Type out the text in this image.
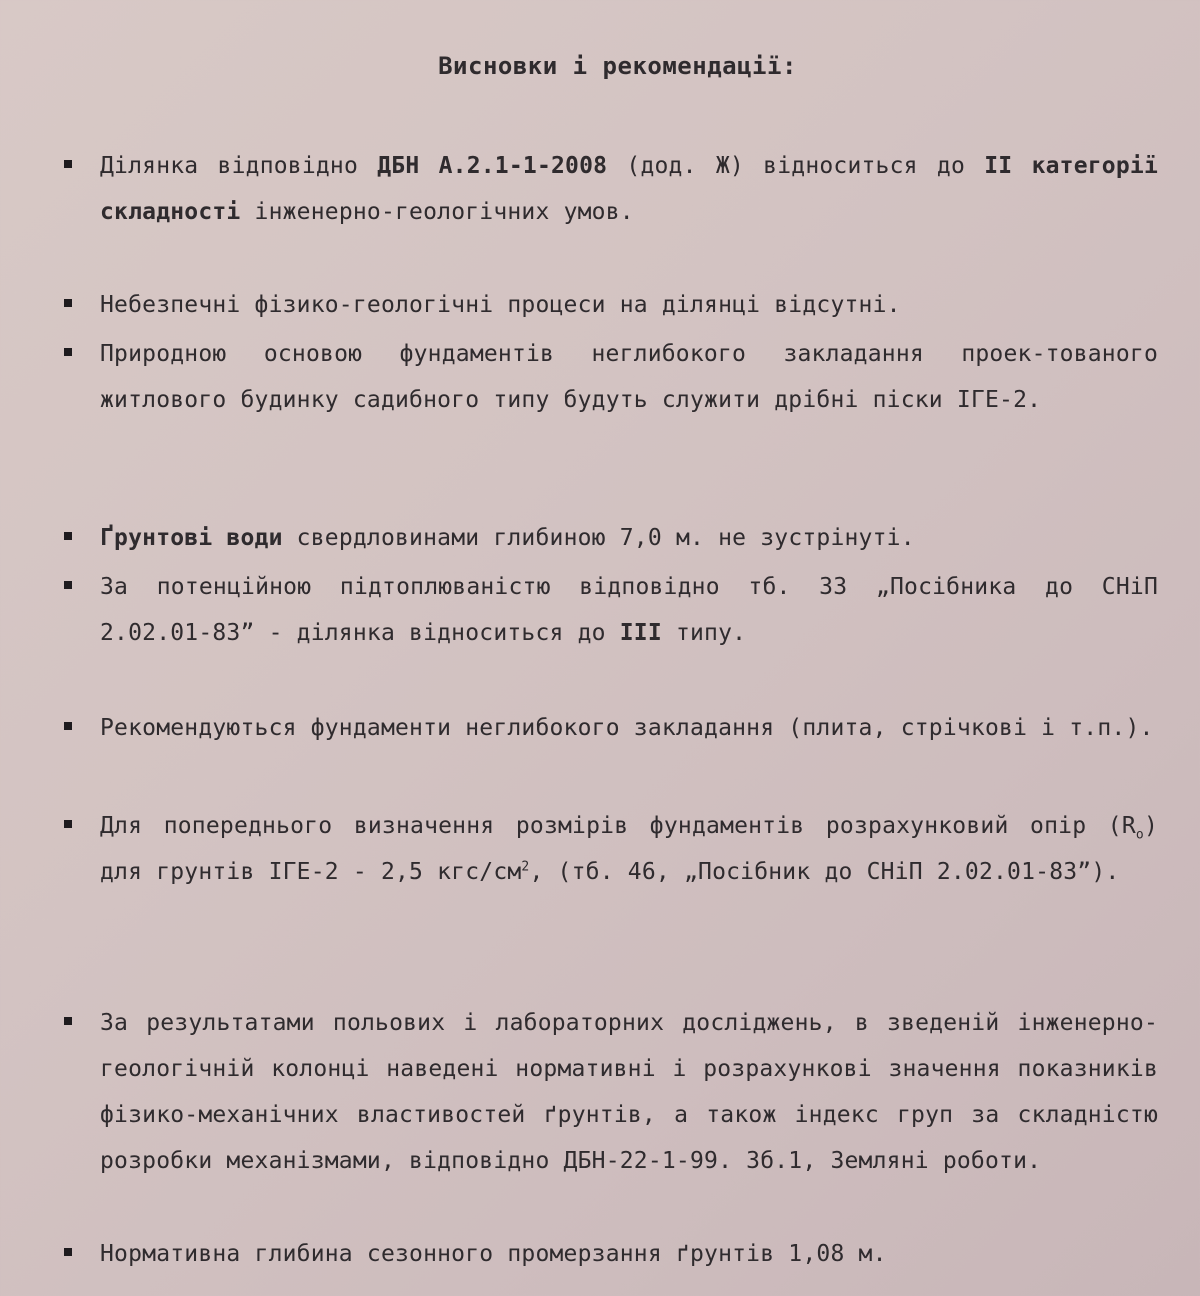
Висновки і рекомендації:
Ділянка відповідно ДБН А.2.1-1-2008 (дод. Ж) відноситься до ІІ категорії складності інженерно-геологічних умов.
Небезпечні фізико-геологічні процеси на ділянці відсутні.
Природною основою фундаментів неглибокого закладання проек-тованого житлового будинку садибного типу будуть служити дрібні піски ІГЕ-2.
Ґрунтові води свердловинами глибиною 7,0 м. не зустрінуті.
За потенційною підтоплюваністю відповідно тб. 33 „Посібника до СНіП 2.02.01-83” - ділянка відноситься до ІІІ типу.
Рекомендуються фундаменти неглибокого закладання (плита, стрічкові і т.п.).
Для попереднього визначення розмірів фундаментів розрахунковий опір $(R_o)$ для грунтів ІГЕ-2 - 2,5 кгс/$см^2$, (тб. 46, „Посібник до СНіП 2.02.01-83”).
За результатами польових і лабораторних досліджень, в зведеній інженерно-геологічній колонці наведені нормативні і розрахункові значення показників фізико-механічних властивостей ґрунтів, а також індекс груп за складністю розробки механізмами, відповідно ДБН-22-1-99. Зб.1, Земляні роботи.
Нормативна глибина сезонного промерзання ґрунтів 1,08 м.
